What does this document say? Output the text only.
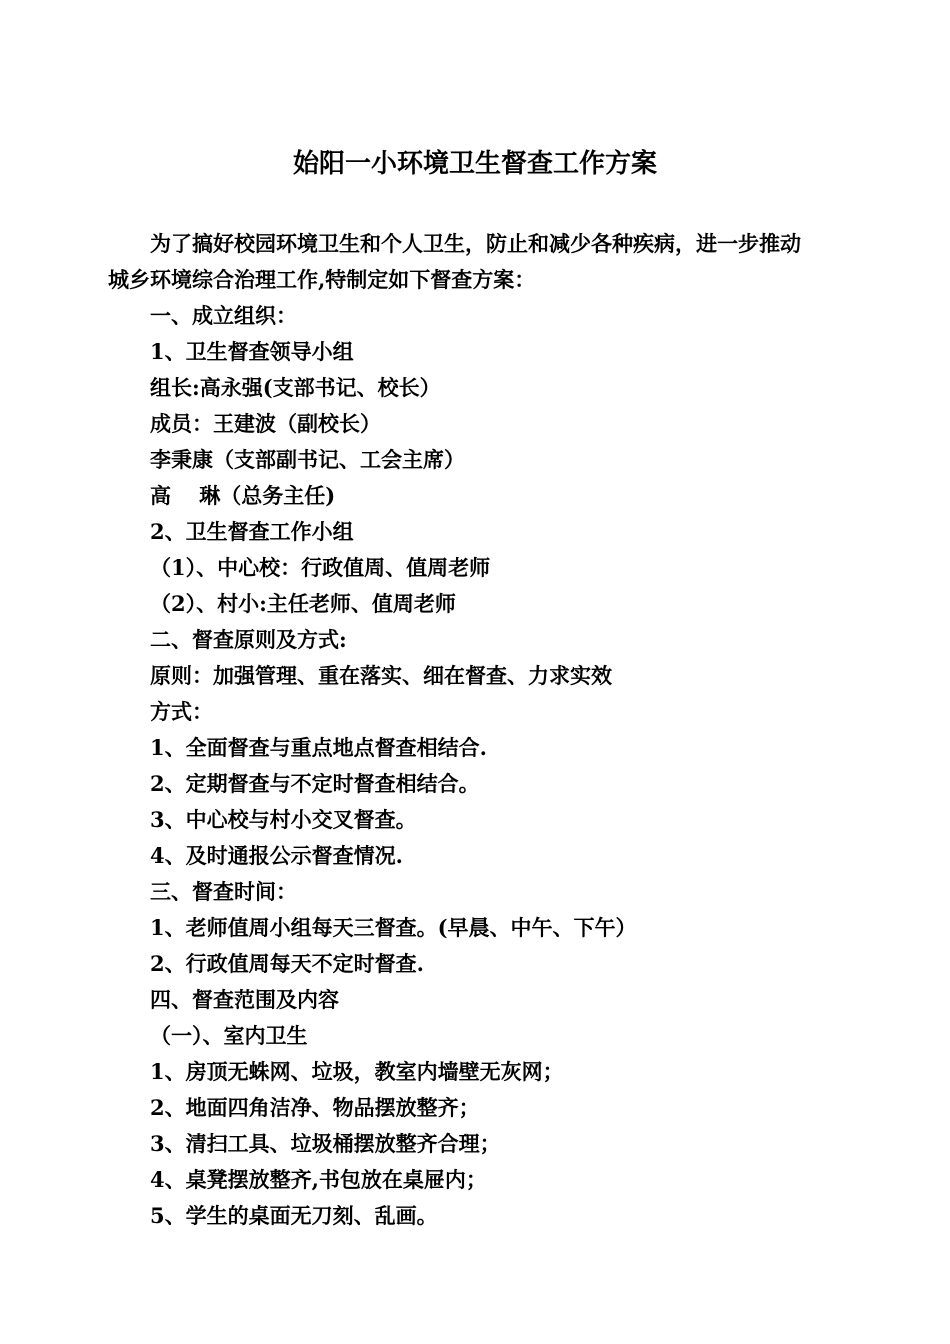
始阳一小环境卫生督查工作方案

为了搞好校园环境卫生和个人卫生，防止和减少各种疾病，进一步推动

城乡环境综合治理工作,特制定如下督查方案：

一、成立组织：
1、卫生督查领导小组
组长:高永强(支部书记、校长）
成员：王建波（副校长）
李秉康（支部副书记、工会主席）
高　 琳（总务主任)
2、卫生督查工作小组
（1）、中心校：行政值周、值周老师
（2）、村小:主任老师、值周老师
二、督查原则及方式:
原则：加强管理、重在落实、细在督查、力求实效
方式：
1、全面督查与重点地点督查相结合.
2、定期督查与不定时督查相结合。
3、中心校与村小交叉督查。
4、及时通报公示督查情况.
三、督查时间：
1、老师值周小组每天三督查。(早晨、中午、下午）
2、行政值周每天不定时督查.
四、督查范围及内容
（一）、室内卫生
1、房顶无蛛网、垃圾，教室内墙壁无灰网；
2、地面四角洁净、物品摆放整齐；
3、清扫工具、垃圾桶摆放整齐合理；
4、桌凳摆放整齐,书包放在桌屉内；
5、学生的桌面无刀刻、乱画。
